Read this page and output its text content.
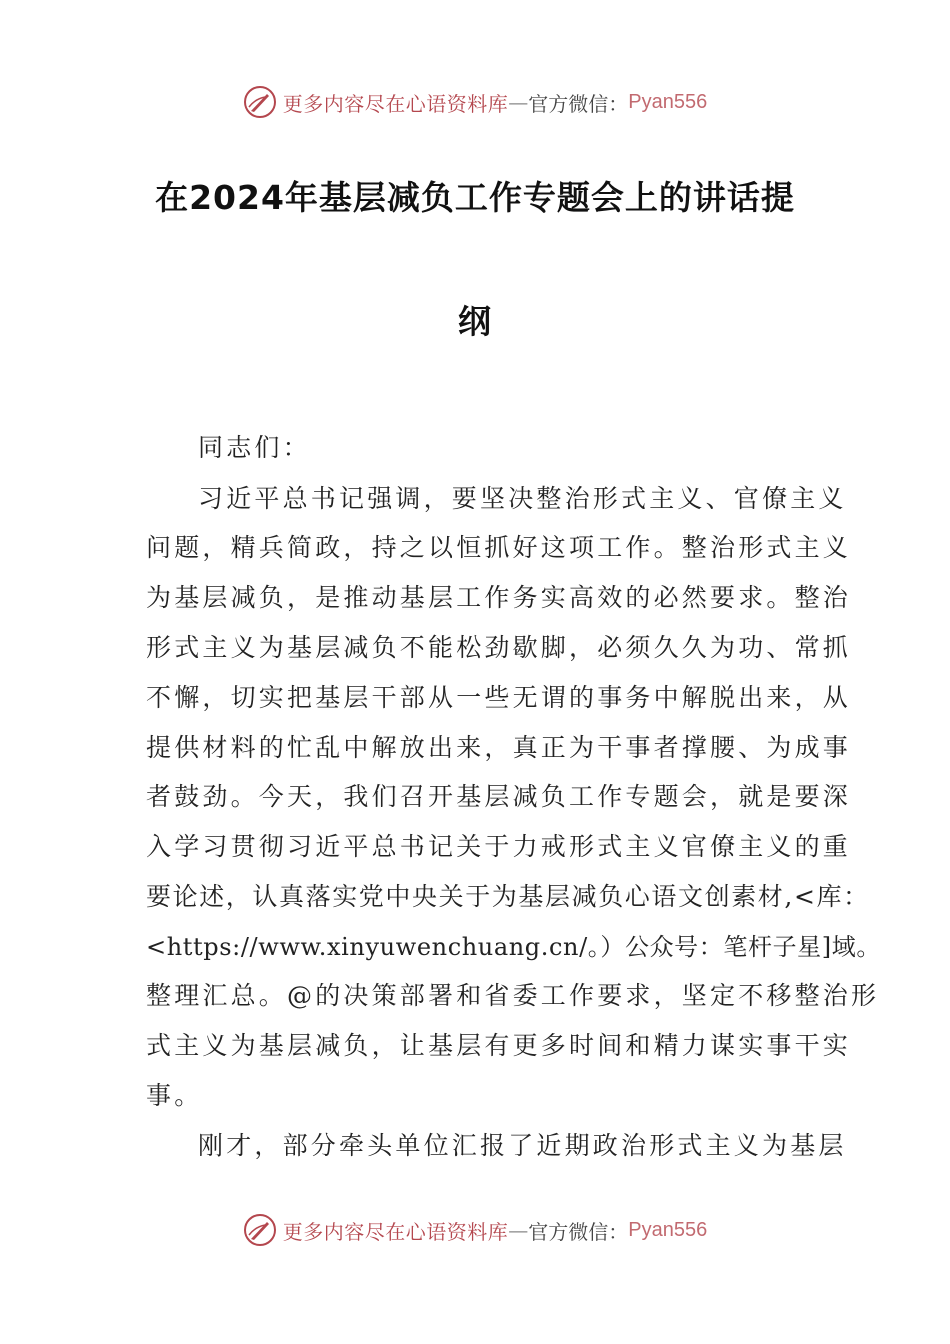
更多内容尽在心语资料库 — 官方微信： Pyan556
在2024年基层减负工作专题会上的讲话提
纲
同志们：
习近平总书记强调，要坚决整治形式主义、官僚主义
问题，精兵简政，持之以恒抓好这项工作。整治形式主义
为基层减负，是推动基层工作务实高效的必然要求。整治
形式主义为基层减负不能松劲歇脚，必须久久为功、常抓
不懈，切实把基层干部从一些无谓的事务中解脱出来，从
提供材料的忙乱中解放出来，真正为干事者撑腰、为成事
者鼓劲。今天，我们召开基层减负工作专题会，就是要深
入学习贯彻习近平总书记关于力戒形式主义官僚主义的重
要论述，认真落实党中央关于为基层减负心语文创素材,<库：
<https://www.xinyuwenchuang.cn/。）公众号：笔杆子星]域。
整理汇总。@的决策部署和省委工作要求，坚定不移整治形
式主义为基层减负，让基层有更多时间和精力谋实事干实
事。
刚才，部分牵头单位汇报了近期政治形式主义为基层
更多内容尽在心语资料库 — 官方微信： Pyan556
